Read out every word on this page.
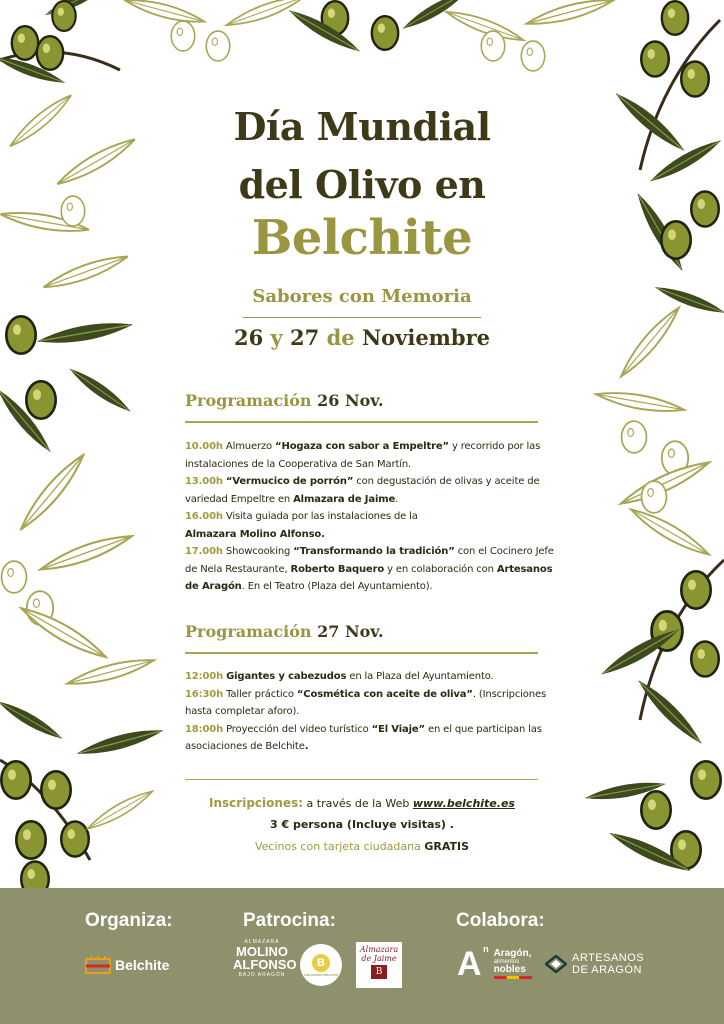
Día Mundial
del Olivo en
Belchite

Sabores con Memoria

26 y 27 de Noviembre

Programación 26 Nov.

10.00h Almuerzo “Hogaza con sabor a Empeltre” y recorrido por las instalaciones de la Cooperativa de San Martín.

13.00h “Vermucico de porrón” con degustación de olivas y aceite de variedad Empeltre en Almazara de Jaime.

16.00h Visita guiada por las instalaciones de la
Almazara Molino Alfonso.

17.00h Showcooking “Transformando la tradición” con el Cocinero Jefe de Nela Restaurante, Roberto Baquero y en colaboración con Artesanos de Aragón. En el Teatro (Plaza del Ayuntamiento).

Programación 27 Nov.

12:00h Gigantes y cabezudos en la Plaza del Ayuntamiento.

16:30h Taller práctico “Cosmética con aceite de oliva”. (Inscripciones hasta completar aforo).

18:00h Proyección del video turístico “El Viaje” en el que participan las asociaciones de Belchite.

Inscripciones: a través de la Web www.belchite.es

3 € persona (Incluye visitas) .

Vecinos con tarjeta ciudadana GRATIS

Organiza:	Patrocina:	Colabora:

Belchite
ALMAZARA
MOLINO
ALFONSO
BAJO ARAGÓN
B
SAN MARTÍN BELCHITE
Almazara
de Jaime
B A n Aragón,
alimentos
nobles
ARTESANOS
DE ARAGÓN
